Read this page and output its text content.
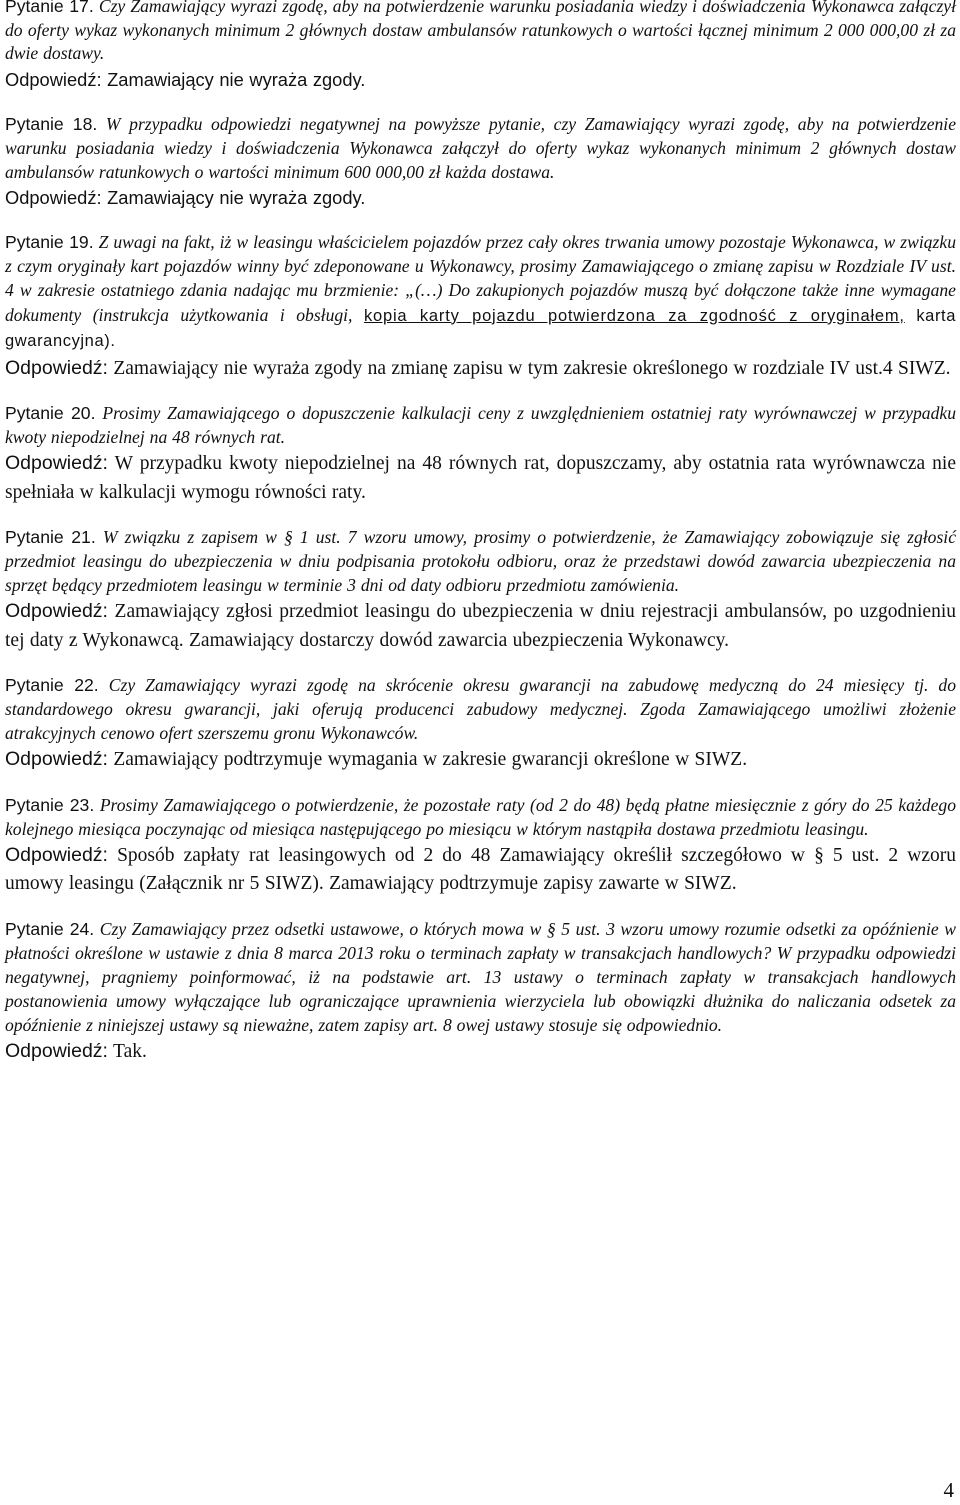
Pytanie 17. Czy Zamawiający wyrazi zgodę, aby na potwierdzenie warunku posiadania wiedzy i doświadczenia Wykonawca załączył do oferty wykaz wykonanych minimum 2 głównych dostaw ambulansów ratunkowych o wartości łącznej minimum 2 000 000,00 zł za dwie dostawy.

Odpowiedź: Zamawiający nie wyraża zgody.

Pytanie 18. W przypadku odpowiedzi negatywnej na powyższe pytanie, czy Zamawiający wyrazi zgodę, aby na potwierdzenie warunku posiadania wiedzy i doświadczenia Wykonawca załączył do oferty wykaz wykonanych minimum 2 głównych dostaw ambulansów ratunkowych o wartości minimum 600 000,00 zł każda dostawa.

Odpowiedź: Zamawiający nie wyraża zgody.

Pytanie 19. Z uwagi na fakt, iż w leasingu właścicielem pojazdów przez cały okres trwania umowy pozostaje Wykonawca, w związku z czym oryginały kart pojazdów winny być zdeponowane u Wykonawcy, prosimy Zamawiającego o zmianę zapisu w Rozdziale IV ust. 4 w zakresie ostatniego zdania nadając mu brzmienie: „(…) Do zakupionych pojazdów muszą być dołączone także inne wymagane dokumenty (instrukcja użytkowania i obsługi, kopia karty pojazdu potwierdzona za zgodność z oryginałem, karta gwarancyjna).

Odpowiedź: Zamawiający nie wyraża zgody na zmianę zapisu w tym zakresie określonego w rozdziale IV ust.4 SIWZ.

Pytanie 20. Prosimy Zamawiającego o dopuszczenie kalkulacji ceny z uwzględnieniem ostatniej raty wyrównawczej w przypadku kwoty niepodzielnej na 48 równych rat.

Odpowiedź: W przypadku kwoty niepodzielnej na 48 równych rat, dopuszczamy, aby ostatnia rata wyrównawcza nie spełniała w kalkulacji wymogu równości raty.

Pytanie 21. W związku z zapisem w § 1 ust. 7 wzoru umowy, prosimy o potwierdzenie, że Zamawiający zobowiązuje się zgłosić przedmiot leasingu do ubezpieczenia w dniu podpisania protokołu odbioru, oraz że przedstawi dowód zawarcia ubezpieczenia na sprzęt będący przedmiotem leasingu w terminie 3 dni od daty odbioru przedmiotu zamówienia.

Odpowiedź: Zamawiający zgłosi przedmiot leasingu do ubezpieczenia w dniu rejestracji ambulansów, po uzgodnieniu tej daty z Wykonawcą. Zamawiający dostarczy dowód zawarcia ubezpieczenia Wykonawcy.

Pytanie 22. Czy Zamawiający wyrazi zgodę na skrócenie okresu gwarancji na zabudowę medyczną do 24 miesięcy tj. do standardowego okresu gwarancji, jaki oferują producenci zabudowy medycznej. Zgoda Zamawiającego umożliwi złożenie atrakcyjnych cenowo ofert szerszemu gronu Wykonawców.

Odpowiedź: Zamawiający podtrzymuje wymagania w zakresie gwarancji określone w SIWZ.

Pytanie 23. Prosimy Zamawiającego o potwierdzenie, że pozostałe raty (od 2 do 48) będą płatne miesięcznie z góry do 25 każdego kolejnego miesiąca poczynając od miesiąca następującego po miesiącu w którym nastąpiła dostawa przedmiotu leasingu.

Odpowiedź: Sposób zapłaty rat leasingowych od 2 do 48 Zamawiający określił szczegółowo w § 5 ust. 2 wzoru umowy leasingu (Załącznik nr 5 SIWZ). Zamawiający podtrzymuje zapisy zawarte w SIWZ.

Pytanie 24. Czy Zamawiający przez odsetki ustawowe, o których mowa w § 5 ust. 3 wzoru umowy rozumie odsetki za opóźnienie w płatności określone w ustawie z dnia 8 marca 2013 roku o terminach zapłaty w transakcjach handlowych? W przypadku odpowiedzi negatywnej, pragniemy poinformować, iż na podstawie art. 13 ustawy o terminach zapłaty w transakcjach handlowych postanowienia umowy wyłączające lub ograniczające uprawnienia wierzyciela lub obowiązki dłużnika do naliczania odsetek za opóźnienie z niniejszej ustawy są nieważne, zatem zapisy art. 8 owej ustawy stosuje się odpowiednio.

Odpowiedź: Tak.

4
